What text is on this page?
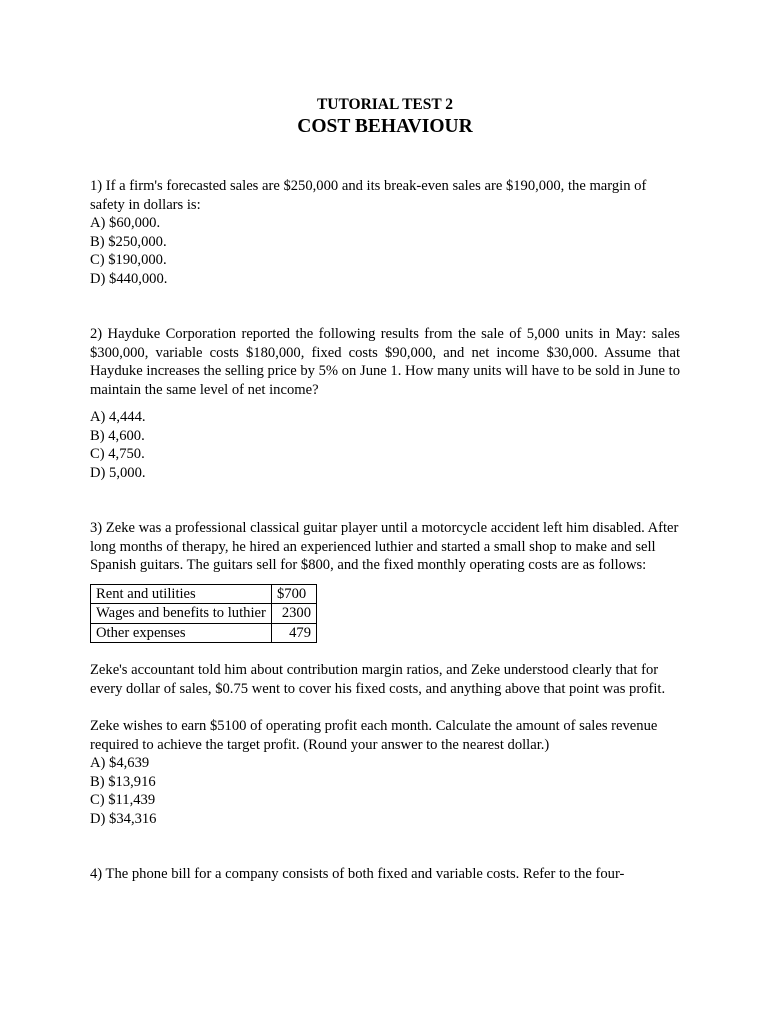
TUTORIAL TEST 2
COST BEHAVIOUR

1) If a firm's forecasted sales are $250,000 and its break-even sales are $190,000, the margin of safety in dollars is:

A) $60,000.
B) $250,000.
C) $190,000.
D) $440,000.

2) Hayduke Corporation reported the following results from the sale of 5,000 units in May: sales $300,000, variable costs $180,000, fixed costs $90,000, and net income $30,000. Assume that Hayduke increases the selling price by 5% on June 1. How many units will have to be sold in June to maintain the same level of net income?

A) 4,444.
B) 4,600.
C) 4,750.
D) 5,000.

3) Zeke was a professional classical guitar player until a motorcycle accident left him disabled. After long months of therapy, he hired an experienced luthier and started a small shop to make and sell Spanish guitars. The guitars sell for $800, and the fixed monthly operating costs are as follows:

Rent and utilities	$700
Wages and benefits to luthier	2300
Other expenses	479

Zeke's accountant told him about contribution margin ratios, and Zeke understood clearly that for every dollar of sales, $0.75 went to cover his fixed costs, and anything above that point was profit.

Zeke wishes to earn $5100 of operating profit each month. Calculate the amount of sales revenue required to achieve the target profit. (Round your answer to the nearest dollar.)

A) $4,639
B) $13,916
C) $11,439
D) $34,316

4) The phone bill for a company consists of both fixed and variable costs. Refer to the four-
